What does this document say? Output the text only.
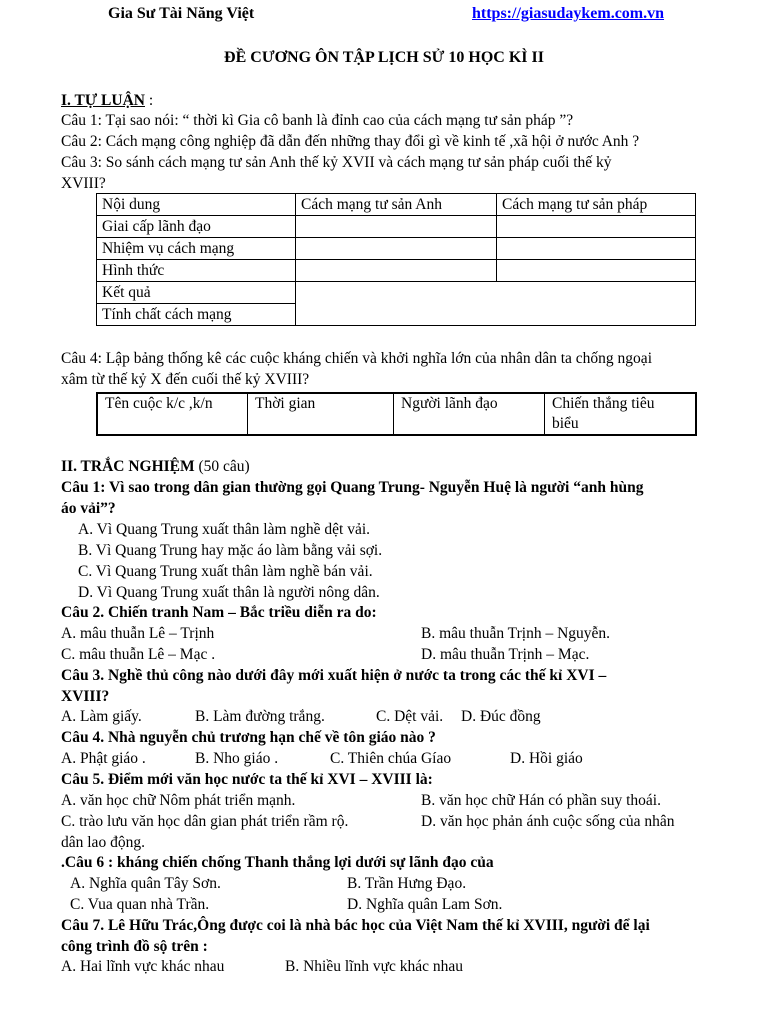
Gia Sư Tài Năng Việt	https://giasudaykem.com.vn
ĐỀ CƯƠNG ÔN TẬP LỊCH SỬ 10 HỌC KÌ II
I. TỰ LUẬN :
Câu 1: Tại sao nói: “ thời kì Gia cô banh là đỉnh cao của cách mạng tư sản pháp ”?
Câu 2: Cách mạng công nghiệp đã dẫn đến những thay đổi gì về kinh tế ,xã hội ở nước Anh ?
Câu 3: So sánh cách mạng tư sản Anh thế kỷ XVII và cách mạng tư sản pháp cuối thế kỷ
XVIII?
Nội dung	Cách mạng tư sản Anh	Cách mạng tư sản pháp
Giai cấp lãnh đạo		
Nhiệm vụ cách mạng		
Hình thức		
Kết quả		
Tính chất cách mạng		
Câu 4: Lập bảng thống kê các cuộc kháng chiến và khởi nghĩa lớn của nhân dân ta chống ngoại
xâm từ thế kỷ X đến cuối thế kỷ XVIII?
Tên cuộc k/c ,k/n	Thời gian	Người lãnh đạo	Chiến thắng tiêu
biểu
II. TRẮC NGHIỆM (50 câu)
Câu 1: Vì sao trong dân gian thường gọi Quang Trung- Nguyễn Huệ là người “anh hùng
áo vải”?
A. Vì Quang Trung xuất thân làm nghề dệt vải.
B. Vì Quang Trung hay mặc áo làm bằng vải sợi.
C. Vì Quang Trung xuất thân làm nghề bán vải.
D. Vì Quang Trung xuất thân là người nông dân.
Câu 2. Chiến tranh Nam – Bắc triều diễn ra do:
A. mâu thuẫn Lê – Trịnh	B. mâu thuẫn Trịnh – Nguyễn.
C. mâu thuẫn Lê – Mạc .	D. mâu thuẫn Trịnh – Mạc.
Câu 3. Nghề thủ công nào dưới đây mới xuất hiện ở nước ta trong các thế kỉ XVI –
XVIII?
A. Làm giấy.	B. Làm đường trắng.	C. Dệt vải. D. Đúc đồng
Câu 4. Nhà nguyễn chủ trương hạn chế về tôn giáo nào ?
A. Phật giáo .	B. Nho giáo .	C. Thiên chúa Gíao	D. Hồi giáo
Câu 5. Điểm mới văn học nước ta thế kỉ XVI – XVIII là:
A. văn học chữ Nôm phát triển mạnh.	B. văn học chữ Hán có phần suy thoái.
C. trào lưu văn học dân gian phát triển rầm rộ.	D. văn học phản ánh cuộc sống của nhân
dân lao động.
.Câu 6 : kháng chiến chống Thanh thắng lợi dưới sự lãnh đạo của
A. Nghĩa quân Tây Sơn.	B. Trần Hưng Đạo.
C. Vua quan nhà Trần.	D. Nghĩa quân Lam Sơn.
Câu 7. Lê Hữu Trác,Ông được coi là nhà bác học của Việt Nam thế kỉ XVIII, người để lại
công trình đồ sộ trên :
A. Hai lĩnh vực khác nhau	B. Nhiều lĩnh vực khác nhau
